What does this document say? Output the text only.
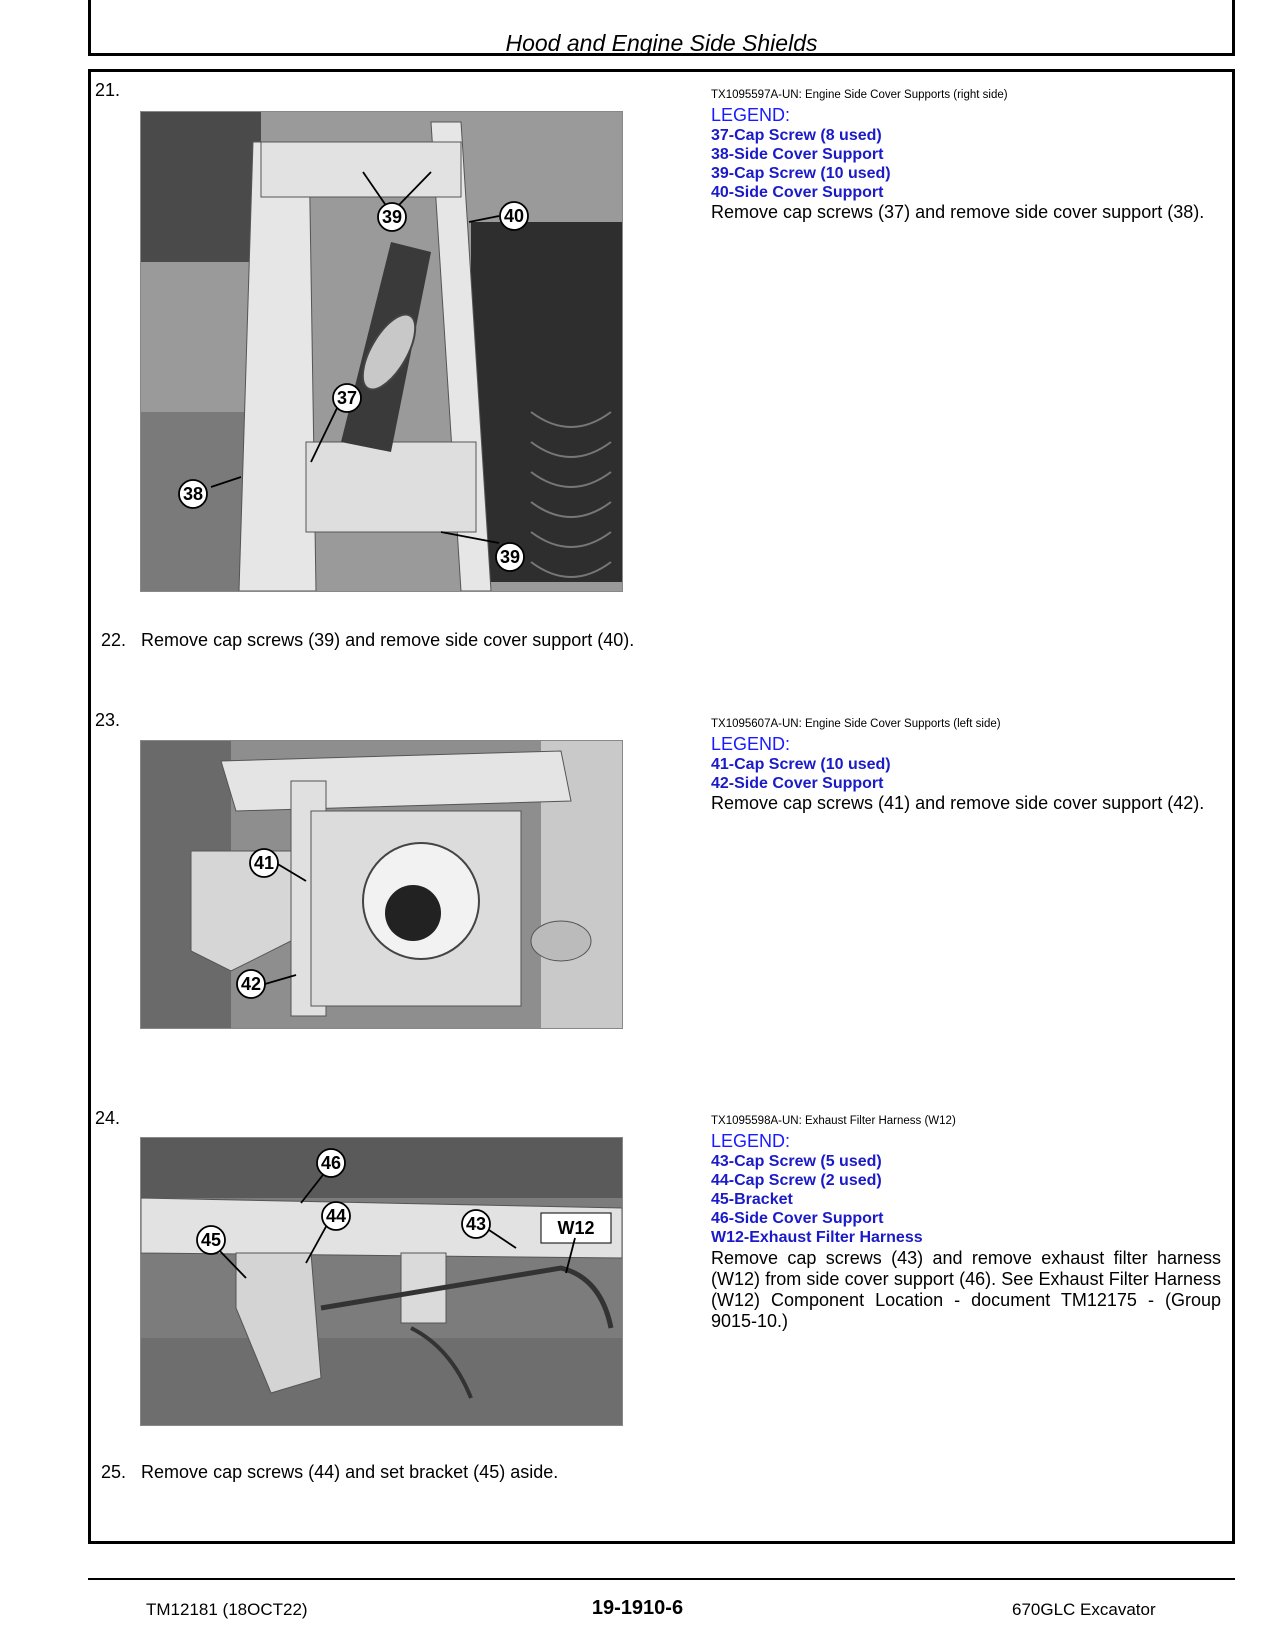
Hood and Engine Side Shields
21.
39	40
37
38
39
TX1095597A-UN: Engine Side Cover Supports (right side)
LEGEND:
37-Cap Screw (8 used)
38-Side Cover Support
39-Cap Screw (10 used)
40-Side Cover Support
Remove cap screws (37) and remove side cover support (38).
22. Remove cap screws (39) and remove side cover support (40).
23.
41
42
TX1095607A-UN: Engine Side Cover Supports (left side)
LEGEND:
41-Cap Screw (10 used)
42-Side Cover Support
Remove cap screws (41) and remove side cover support (42).
24.
46
44
45
43	W12
TX1095598A-UN: Exhaust Filter Harness (W12)
LEGEND:
43-Cap Screw (5 used)
44-Cap Screw (2 used)
45-Bracket
46-Side Cover Support
W12-Exhaust Filter Harness
Remove cap screws (43) and remove exhaust filter harness (W12) from side cover support (46). See Exhaust Filter Harness (W12) Component Location - document TM12175 - (Group 9015-10.)
25. Remove cap screws (44) and set bracket (45) aside.
TM12181 (18OCT22)	19-1910-6	670GLC Excavator
